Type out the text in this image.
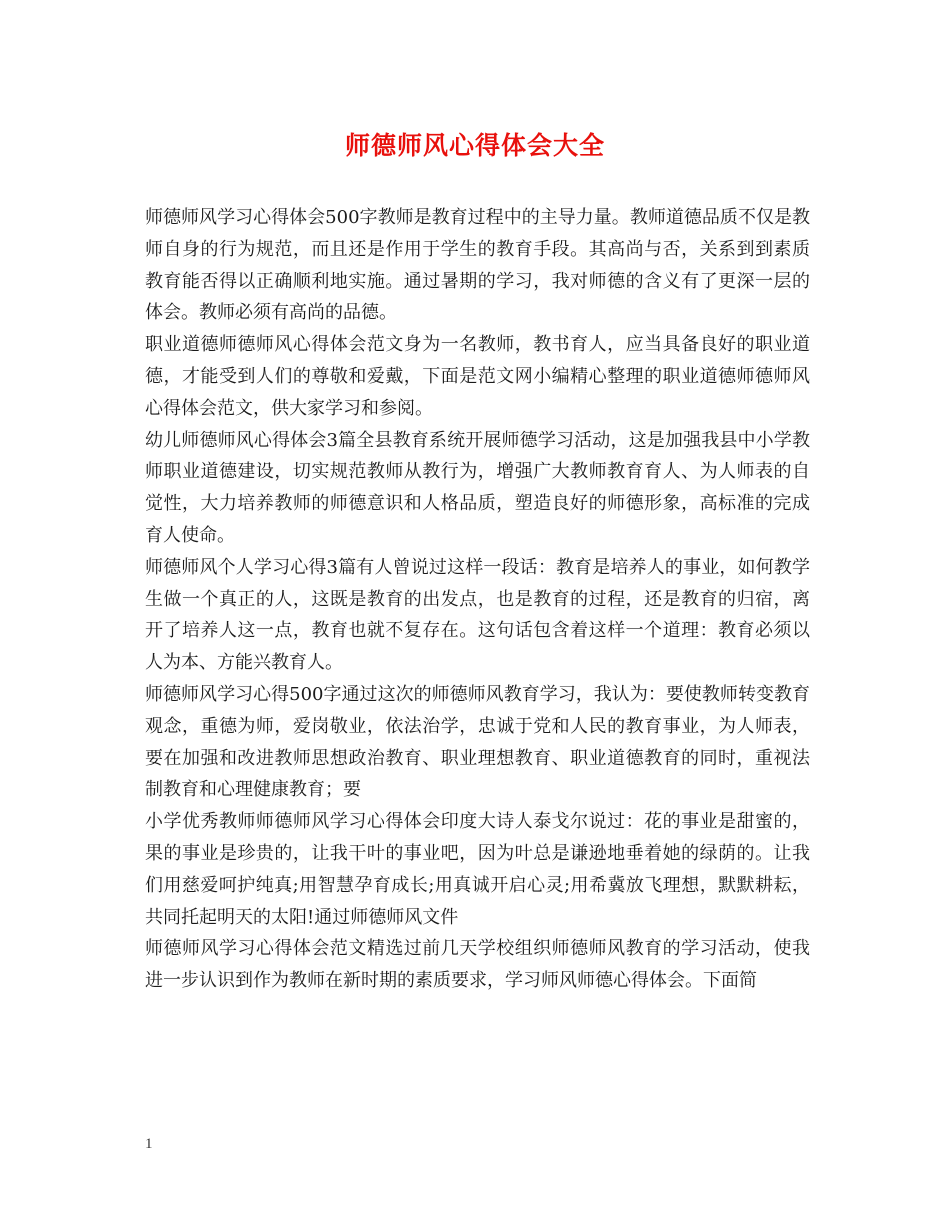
师德师风心得体会大全

师德师风学习心得体会500字教师是教育过程中的主导力量。教师道德品质不仅是教师自身的行为规范，而且还是作用于学生的教育手段。其高尚与否，关系到到素质教育能否得以正确顺利地实施。通过暑期的学习，我对师德的含义有了更深一层的体会。教师必须有高尚的品德。

职业道德师德师风心得体会范文身为一名教师，教书育人，应当具备良好的职业道德，才能受到人们的尊敬和爱戴，下面是范文网小编精心整理的职业道德师德师风心得体会范文，供大家学习和参阅。

幼儿师德师风心得体会3篇全县教育系统开展师德学习活动，这是加强我县中小学教师职业道德建设，切实规范教师从教行为，增强广大教师教育育人、为人师表的自觉性，大力培养教师的师德意识和人格品质，塑造良好的师德形象，高标准的完成育人使命。

师德师风个人学习心得3篇有人曾说过这样一段话：教育是培养人的事业，如何教学生做一个真正的人，这既是教育的出发点，也是教育的过程，还是教育的归宿，离开了培养人这一点，教育也就不复存在。这句话包含着这样一个道理：教育必须以人为本、方能兴教育人。

师德师风学习心得500字通过这次的师德师风教育学习，我认为：要使教师转变教育观念，重德为师，爱岗敬业，依法治学，忠诚于党和人民的教育事业，为人师表，要在加强和改进教师思想政治教育、职业理想教育、职业道德教育的同时，重视法制教育和心理健康教育；要

小学优秀教师师德师风学习心得体会印度大诗人泰戈尔说过：花的事业是甜蜜的，果的事业是珍贵的，让我干叶的事业吧，因为叶总是谦逊地垂着她的绿荫的。让我们用慈爱呵护纯真;用智慧孕育成长;用真诚开启心灵;用希冀放飞理想，默默耕耘，共同托起明天的太阳!通过师德师风文件

师德师风学习心得体会范文精选过前几天学校组织师德师风教育的学习活动，使我进一步认识到作为教师在新时期的素质要求，学习师风师德心得体会。下面简

1
